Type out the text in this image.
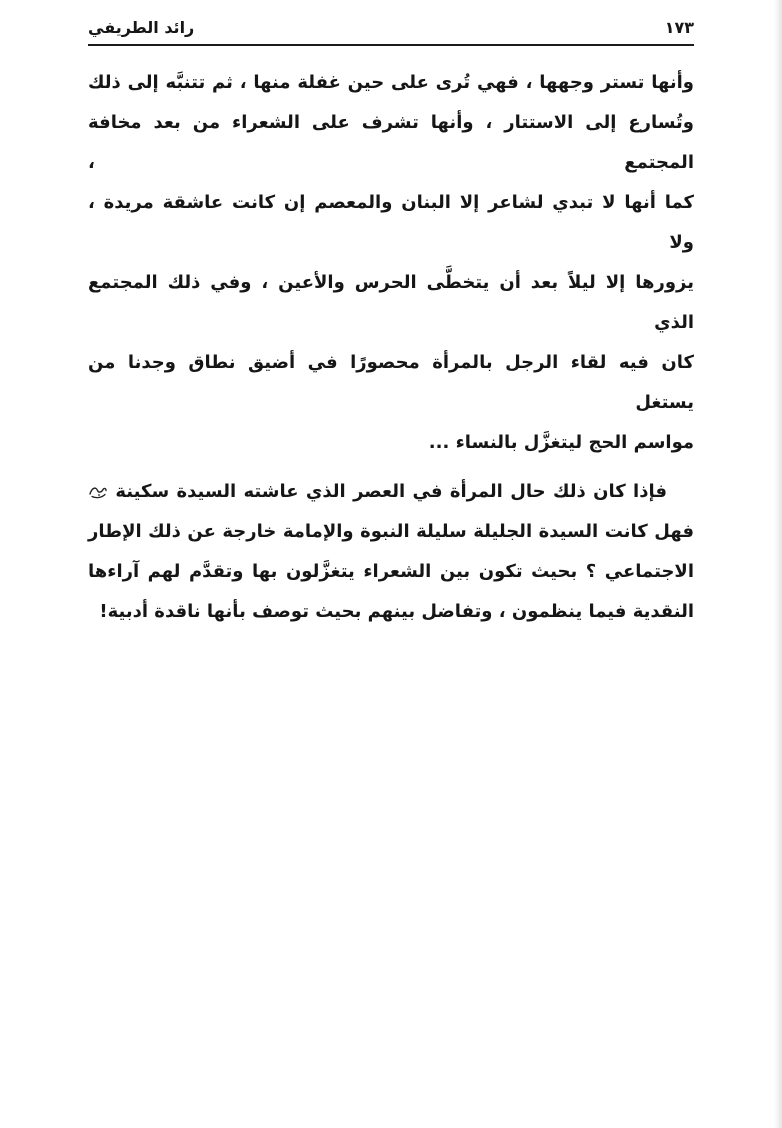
١٧٣
رائد الطريفي
وأنها تستر وجهها ، فهي تُرى على حين غفلة منها ، ثم تتنبَّه إلى ذلك
وتُسارع إلى الاستتار ، وأنها تشرف على الشعراء من بعد مخافة المجتمع ،
كما أنها لا تبدي لشاعر إلا البنان والمعصم إن كانت عاشقة مريدة ، ولا
يزورها إلا ليلاً بعد أن يتخطَّى الحرس والأعين ، وفي ذلك المجتمع الذي
كان فيه لقاء الرجل بالمرأة محصورًا في أضيق نطاق وجدنا من يستغل
مواسم الحج ليتغزَّل بالنساء ...
فإذا كان ذلك حال المرأة في العصر الذي عاشته السيدة سكينة
فهل كانت السيدة الجليلة سليلة النبوة والإمامة خارجة عن ذلك الإطار
الاجتماعي ؟ بحيث تكون بين الشعراء يتغزَّلون بها وتقدَّم لهم آراءها
النقدية فيما ينظمون ، وتفاضل بينهم بحيث توصف بأنها ناقدة أدبية!
